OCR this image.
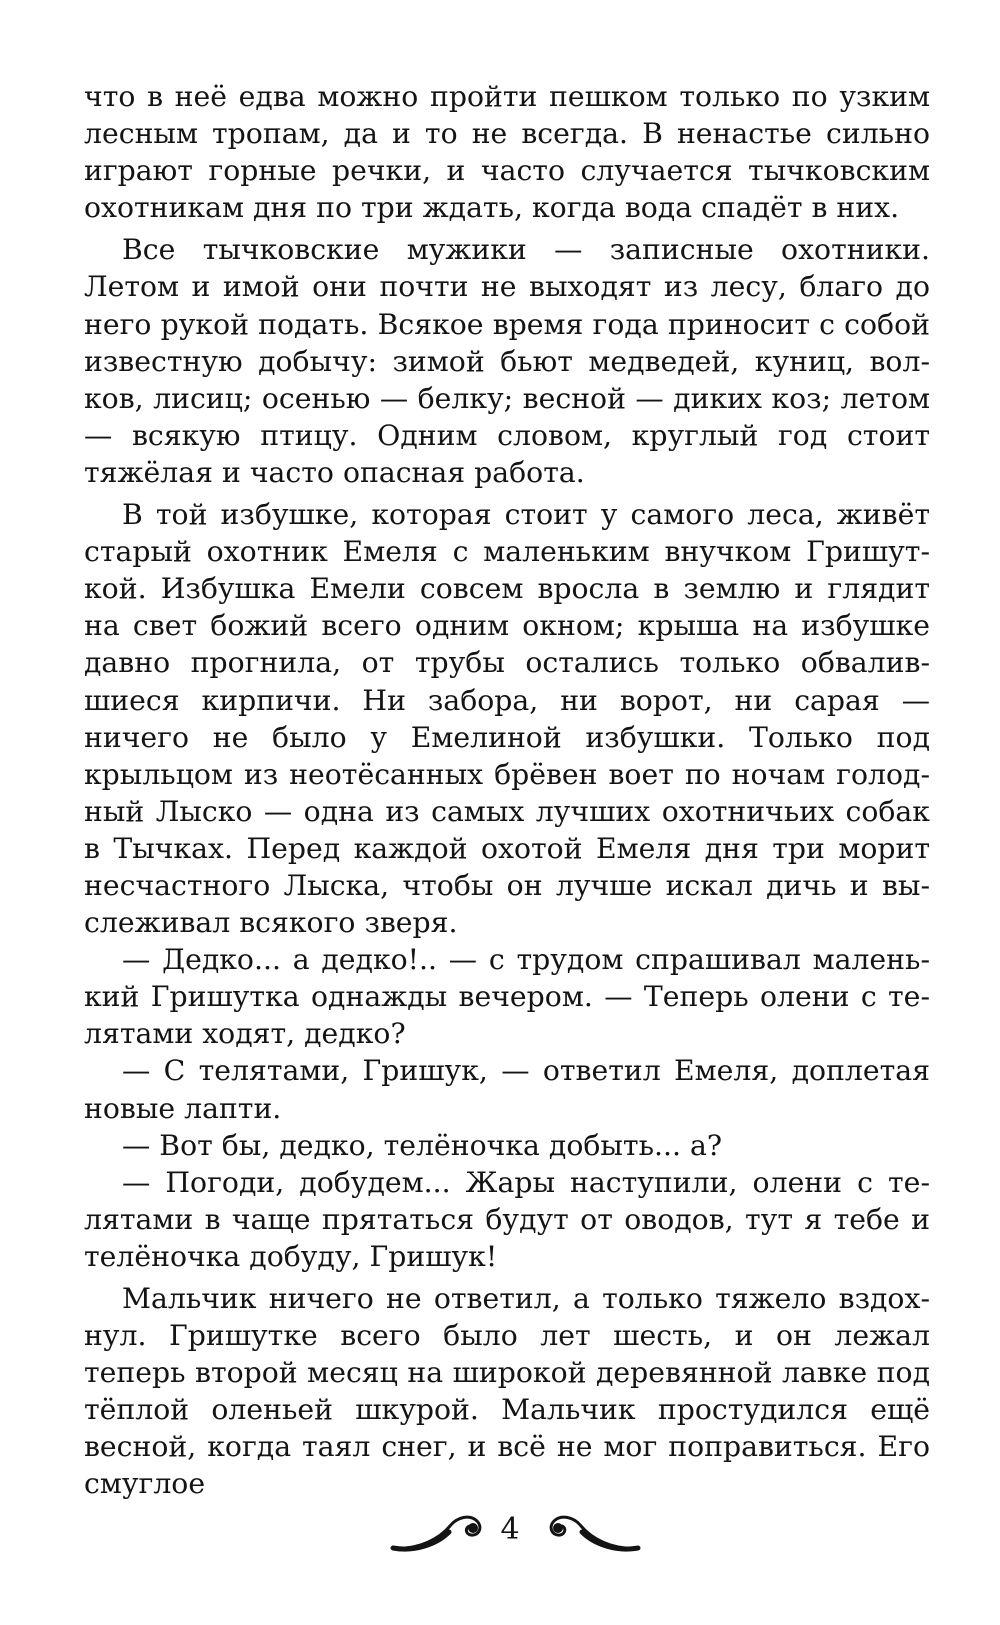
что в неё едва можно пройти пешком только по узким лесным тропам, да и то не всегда. В ненастье сильно играют горные речки, и часто случается тычковским охотникам дня по три ждать, когда вода спадёт в них.

Все тычковские мужики — записные охотники. Летом и имой они почти не выходят из лесу, благо до него рукой подать. Всякое время года приносит с собой известную добычу: зимой бьют медведей, куниц, волков, лисиц; осенью — белку; весной — диких коз; летом — всякую птицу. Одним словом, круглый год стоит тяжёлая и часто опасная работа.

В той избушке, которая стоит у самого леса, живёт старый охотник Емеля с маленьким внучком Гришуткой. Избушка Емели совсем вросла в землю и глядит на свет божий всего одним окном; крыша на избушке давно прогнила, от трубы остались только обвалившиеся кирпичи. Ни забора, ни ворот, ни сарая — ничего не было у Емелиной избушки. Только под крыльцом из неотёсанных брёвен воет по ночам голодный Лыско — одна из самых лучших охотничьих собак в Тычках. Перед каждой охотой Емеля дня три морит несчастного Лыска, чтобы он лучше искал дичь и выслеживал всякого зверя.

— Дедко... а дедко!.. — с трудом спрашивал маленький Гришутка однажды вечером. — Теперь олени с телятами ходят, дедко?

— С телятами, Гришук, — ответил Емеля, доплетая новые лапти.

— Вот бы, дедко, телёночка добыть... а?

— Погоди, добудем... Жары наступили, олени с телятами в чаще прятаться будут от оводов, тут я тебе и телёночка добуду, Гришук!

Мальчик ничего не ответил, а только тяжело вздохнул. Гришутке всего было лет шесть, и он лежал теперь второй месяц на широкой деревянной лавке под тёплой оленьей шкурой. Мальчик простудился ещё весной, когда таял снег, и всё не мог поправиться. Его смуглое

4
